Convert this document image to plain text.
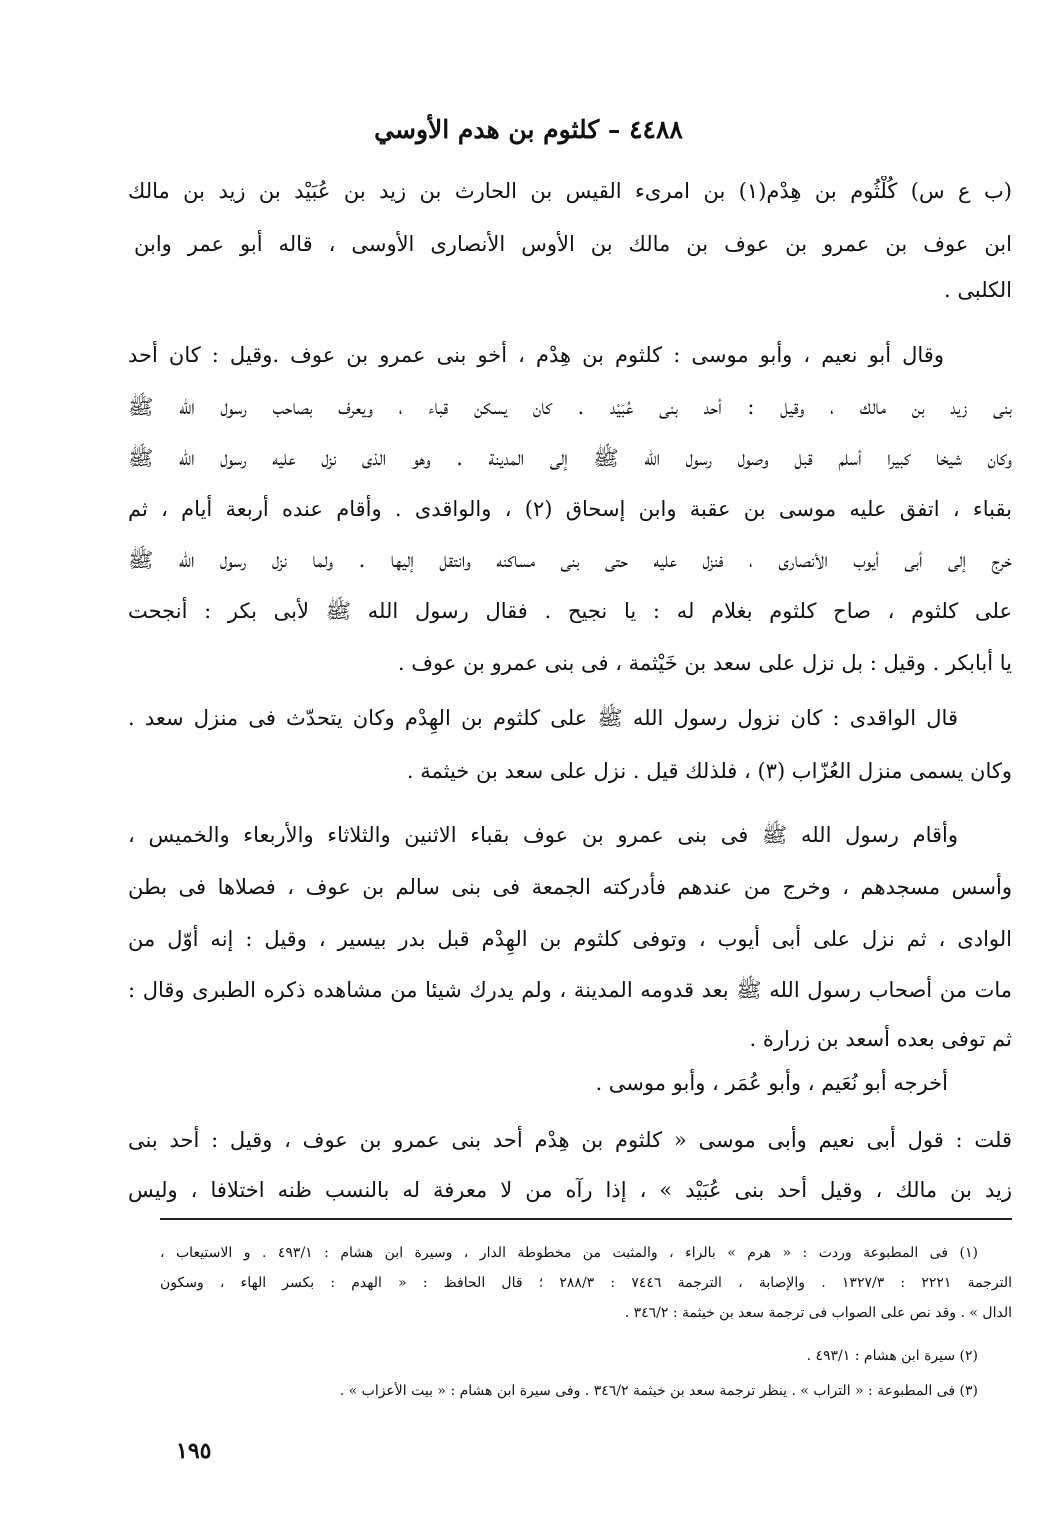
٤٤٨٨ – كلثوم بن هدم الأوسي
(ب ع س) كُلْثُوم بن هِدْم(١) بن امرىء القيس بن الحارث بن زيد بن عُبَيْد بن زيد بن مالك
ابن عوف بن عمرو بن عوف بن مالك بن الأوس الأنصارى الأوسى ، قاله أبو عمر وابن
الكلبى .
وقال أبو نعيم ، وأبو موسى : كلثوم بن هِدْم ، أخو بنى عمرو بن عوف .وقيل : كان أحد
بنى زيد بن مالك ، وقيل : أحد بنى عُبَيْد . كان يسكن قباء ، ويعرف بصاحب رسول الله ﷺ
وكان شيخا كبيرا أسلم قبل وصول رسول الله ﷺ إلى المدينة . وهو الذى نزل عليه رسول الله ﷺ
بقباء ، اتفق عليه موسى بن عقبة وابن إسحاق (٢) ، والواقدى . وأقام عنده أربعة أيام ، ثم
خرج إلى أبى أيوب الأنصارى ، فنزل عليه حتى بنى مساكنه وانتقل إليها . ولما نزل رسول الله ﷺ
على كلثوم ، صاح كلثوم بغلام له : يا نجيح . فقال رسول الله ﷺ لأبى بكر : أنجحت
يا أبابكر . وقيل : بل نزل على سعد بن خَيْثمة ، فى بنى عمرو بن عوف .
قال الواقدى : كان نزول رسول الله ﷺ على كلثوم بن الهِدْم وكان يتحدّث فى منزل سعد .
وكان يسمى منزل العُزّاب (٣) ، فلذلك قيل . نزل على سعد بن خيثمة .
وأقام رسول الله ﷺ فى بنى عمرو بن عوف بقباء الاثنين والثلاثاء والأربعاء والخميس ،
وأسس مسجدهم ، وخرج من عندهم فأدركته الجمعة فى بنى سالم بن عوف ، فصلاها فى بطن
الوادى ، ثم نزل على أبى أيوب ، وتوفى كلثوم بن الهِدْم قبل بدر بيسير ، وقيل : إنه أوّل من
مات من أصحاب رسول الله ﷺ بعد قدومه المدينة ، ولم يدرك شيئا من مشاهده ذكره الطبرى وقال :
ثم توفى بعده أسعد بن زرارة .
أخرجه أبو نُعَيم ، وأبو عُمَر ، وأبو موسى .
قلت : قول أبى نعيم وأبى موسى « كلثوم بن هِدْم أحد بنى عمرو بن عوف ، وقيل : أحد بنى
زيد بن مالك ، وقيل أحد بنى عُبَيْد » ، إذا رآه من لا معرفة له بالنسب ظنه اختلافا ، وليس
(١) فى المطبوعة وردت : « هرم » بالراء ، والمثبت من مخطوطة الدار ، وسيرة ابن هشام : ٤٩٣/١ . و الاستيعاب ،
الترجمة ٢٢٢١ : ١٣٢٧/٣ . والإصابة ، الترجمة ٧٤٤٦ : ٢٨٨/٣ ؛ قال الحافظ : « الهدم : بكسر الهاء ، وسكون
الدال » . وقد نص على الصواب فى ترجمة سعد بن خيثمة : ٣٤٦/٢ .
(٢) سيرة ابن هشام : ٤٩٣/١ .
(٣) فى المطبوعة : « التراب » . ينظر ترجمة سعد بن خيثمة ٣٤٦/٢ . وفى سيرة ابن هشام : « بيت الأعزاب » .
١٩٥
